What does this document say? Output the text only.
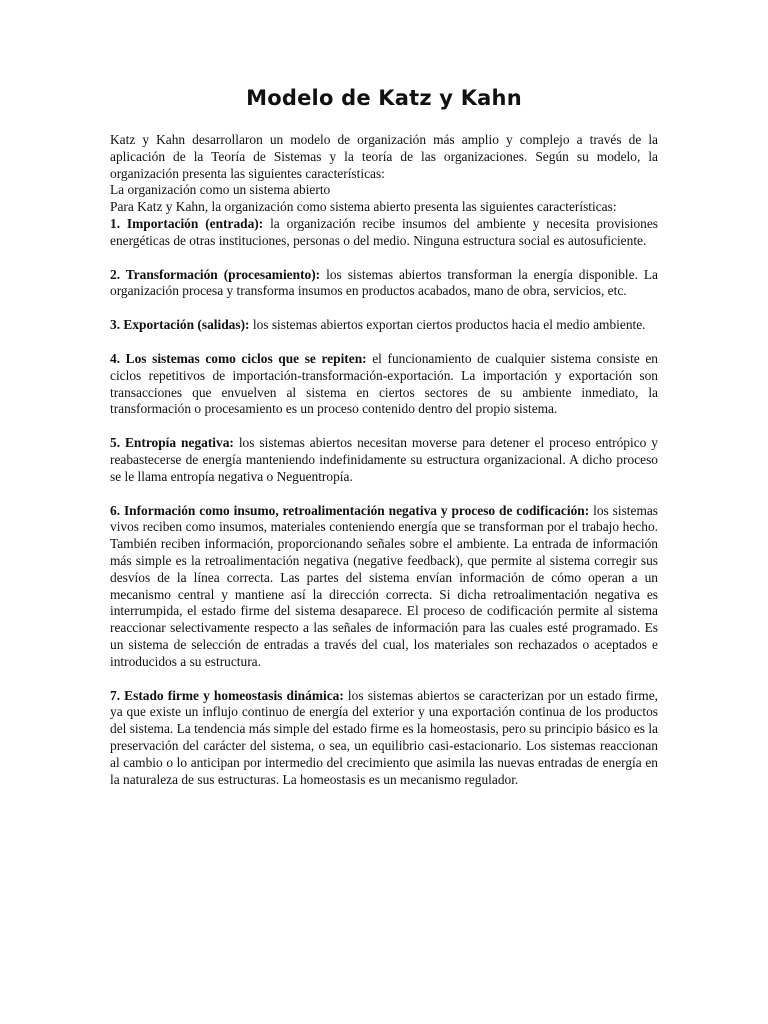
Modelo de Katz y Kahn

Katz y Kahn desarrollaron un modelo de organización más amplio y complejo a través de la aplicación de la Teoría de Sistemas y la teoría de las organizaciones. Según su modelo, la organización presenta las siguientes características:
La organización como un sistema abierto
Para Katz y Kahn, la organización como sistema abierto presenta las siguientes características:

1. Importación (entrada): la organización recibe insumos del ambiente y necesita provisiones energéticas de otras instituciones, personas o del medio. Ninguna estructura social es autosuficiente.

2. Transformación (procesamiento): los sistemas abiertos transforman la energía disponible. La organización procesa y transforma insumos en productos acabados, mano de obra, servicios, etc.

3. Exportación (salidas): los sistemas abiertos exportan ciertos productos hacia el medio ambiente.

4. Los sistemas como ciclos que se repiten: el funcionamiento de cualquier sistema consiste en ciclos repetitivos de importación-transformación-exportación. La importación y exportación son transacciones que envuelven al sistema en ciertos sectores de su ambiente inmediato, la transformación o procesamiento es un proceso contenido dentro del propio sistema.

5. Entropía negativa: los sistemas abiertos necesitan moverse para detener el proceso entrópico y reabastecerse de energía manteniendo indefinidamente su estructura organizacional. A dicho proceso se le llama entropía negativa o Neguentropía.

6. Información como insumo, retroalimentación negativa y proceso de codificación: los sistemas vivos reciben como insumos, materiales conteniendo energía que se transforman por el trabajo hecho. También reciben información, proporcionando señales sobre el ambiente. La entrada de información más simple es la retroalimentación negativa (negative feedback), que permite al sistema corregir sus desvíos de la línea correcta. Las partes del sistema envían información de cómo operan a un mecanismo central y mantiene así la dirección correcta. Si dicha retroalimentación negativa es interrumpida, el estado firme del sistema desaparece. El proceso de codificación permite al sistema reaccionar selectivamente respecto a las señales de información para las cuales esté programado. Es un sistema de selección de entradas a través del cual, los materiales son rechazados o aceptados e introducidos a su estructura.

7. Estado firme y homeostasis dinámica: los sistemas abiertos se caracterizan por un estado firme, ya que existe un influjo continuo de energía del exterior y una exportación continua de los productos del sistema. La tendencia más simple del estado firme es la homeostasis, pero su principio básico es la preservación del carácter del sistema, o sea, un equilibrio casi-estacionario. Los sistemas reaccionan al cambio o lo anticipan por intermedio del crecimiento que asimila las nuevas entradas de energía en la naturaleza de sus estructuras. La homeostasis es un mecanismo regulador.
